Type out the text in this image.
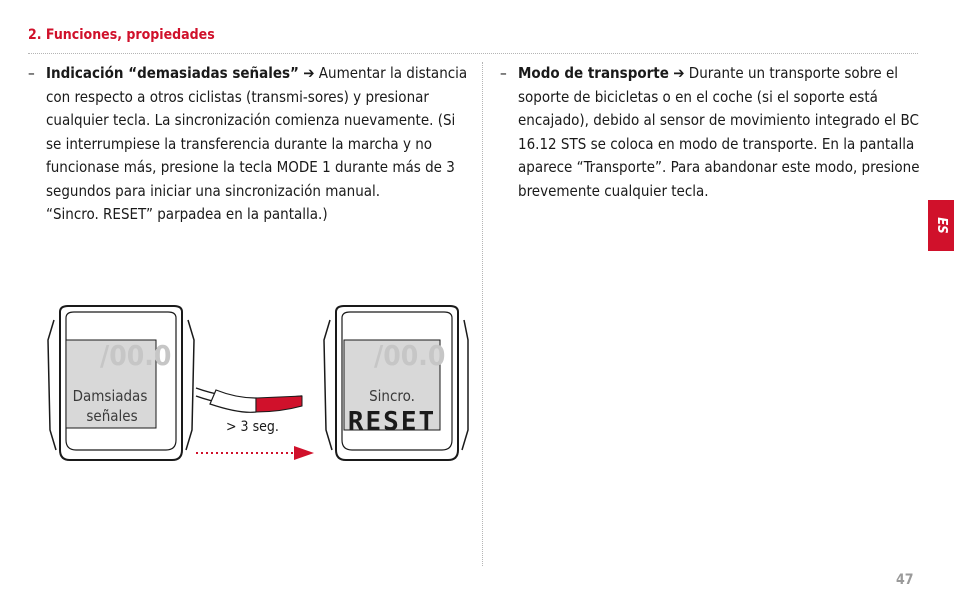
2. Funciones, propiedades

– Indicación “demasiadas señales” ➔ Aumentar la distancia con respecto a otros ciclistas (transmi-sores) y presionar cualquier tecla. La sincronización comienza nuevamente. (Si se interrumpiese la transferencia durante la marcha y no funcionase más, presione la tecla MODE 1 durante más de 3 segundos para iniciar una sincronización manual.
“Sincro. RESET” parpadea en la pantalla.)

– Modo de transporte ➔ Durante un transporte sobre el soporte de bicicletas o en el coche (si el soporte está encajado), debido al sensor de movimiento integrado el BC 16.12 STS se coloca en modo de transporte. En la pantalla aparece “Transporte”. Para abandonar este modo, presione brevemente cualquier tecla.

/00.0
Damsiadas
señales
> 3 seg.
/00.0
Sincro.
RESET
ES
47
